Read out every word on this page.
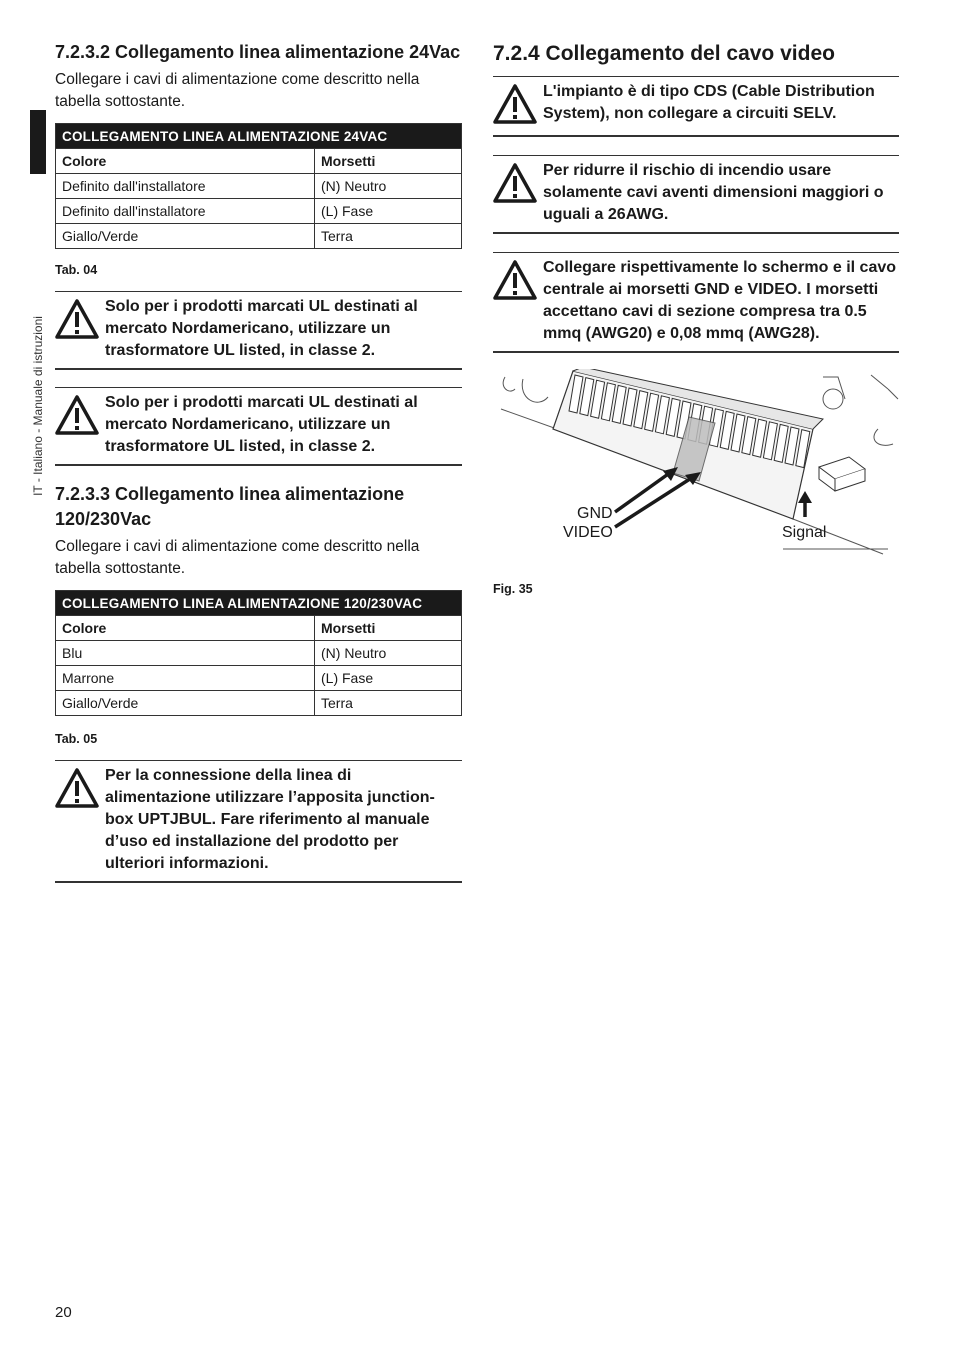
IT - Italiano - Manuale di istruzioni
7.2.3.2 Collegamento linea alimentazione 24Vac

Collegare i cavi di alimentazione come descritto nella tabella sottostante.

COLLEGAMENTO LINEA ALIMENTAZIONE 24VAC	
Colore	Morsetti
Definito dall'installatore	(N) Neutro
Definito dall'installatore	(L) Fase
Giallo/Verde	Terra
Tab. 04
Solo per i prodotti marcati UL destinati al mercato Nordamericano, utilizzare un trasformatore UL listed, in classe 2.
Solo per i prodotti marcati UL destinati al mercato Nordamericano, utilizzare un trasformatore UL listed, in classe 2.
7.2.3.3 Collegamento linea alimentazione 120/230Vac

Collegare i cavi di alimentazione come descritto nella tabella sottostante.

COLLEGAMENTO LINEA ALIMENTAZIONE 120/230VAC	
Colore	Morsetti
Blu	(N) Neutro
Marrone	(L) Fase
Giallo/Verde	Terra
Tab. 05
Per la connessione della linea di alimentazione utilizzare l’apposita junction-box UPTJBUL. Fare riferimento al manuale d’uso ed installazione del prodotto per ulteriori informazioni.
7.2.4 Collegamento del cavo video
L'impianto è di tipo CDS (Cable Distribution System), non collegare a circuiti SELV.
Per ridurre il rischio di incendio usare solamente cavi aventi dimensioni maggiori o uguali a 26AWG.
Collegare rispettivamente lo schermo e il cavo centrale ai morsetti GND e VIDEO. I morsetti accettano cavi di sezione compresa tra 0.5 mmq (AWG20) e 0,08 mmq (AWG28).
GND
VIDEO	Signal
Fig. 35
20
